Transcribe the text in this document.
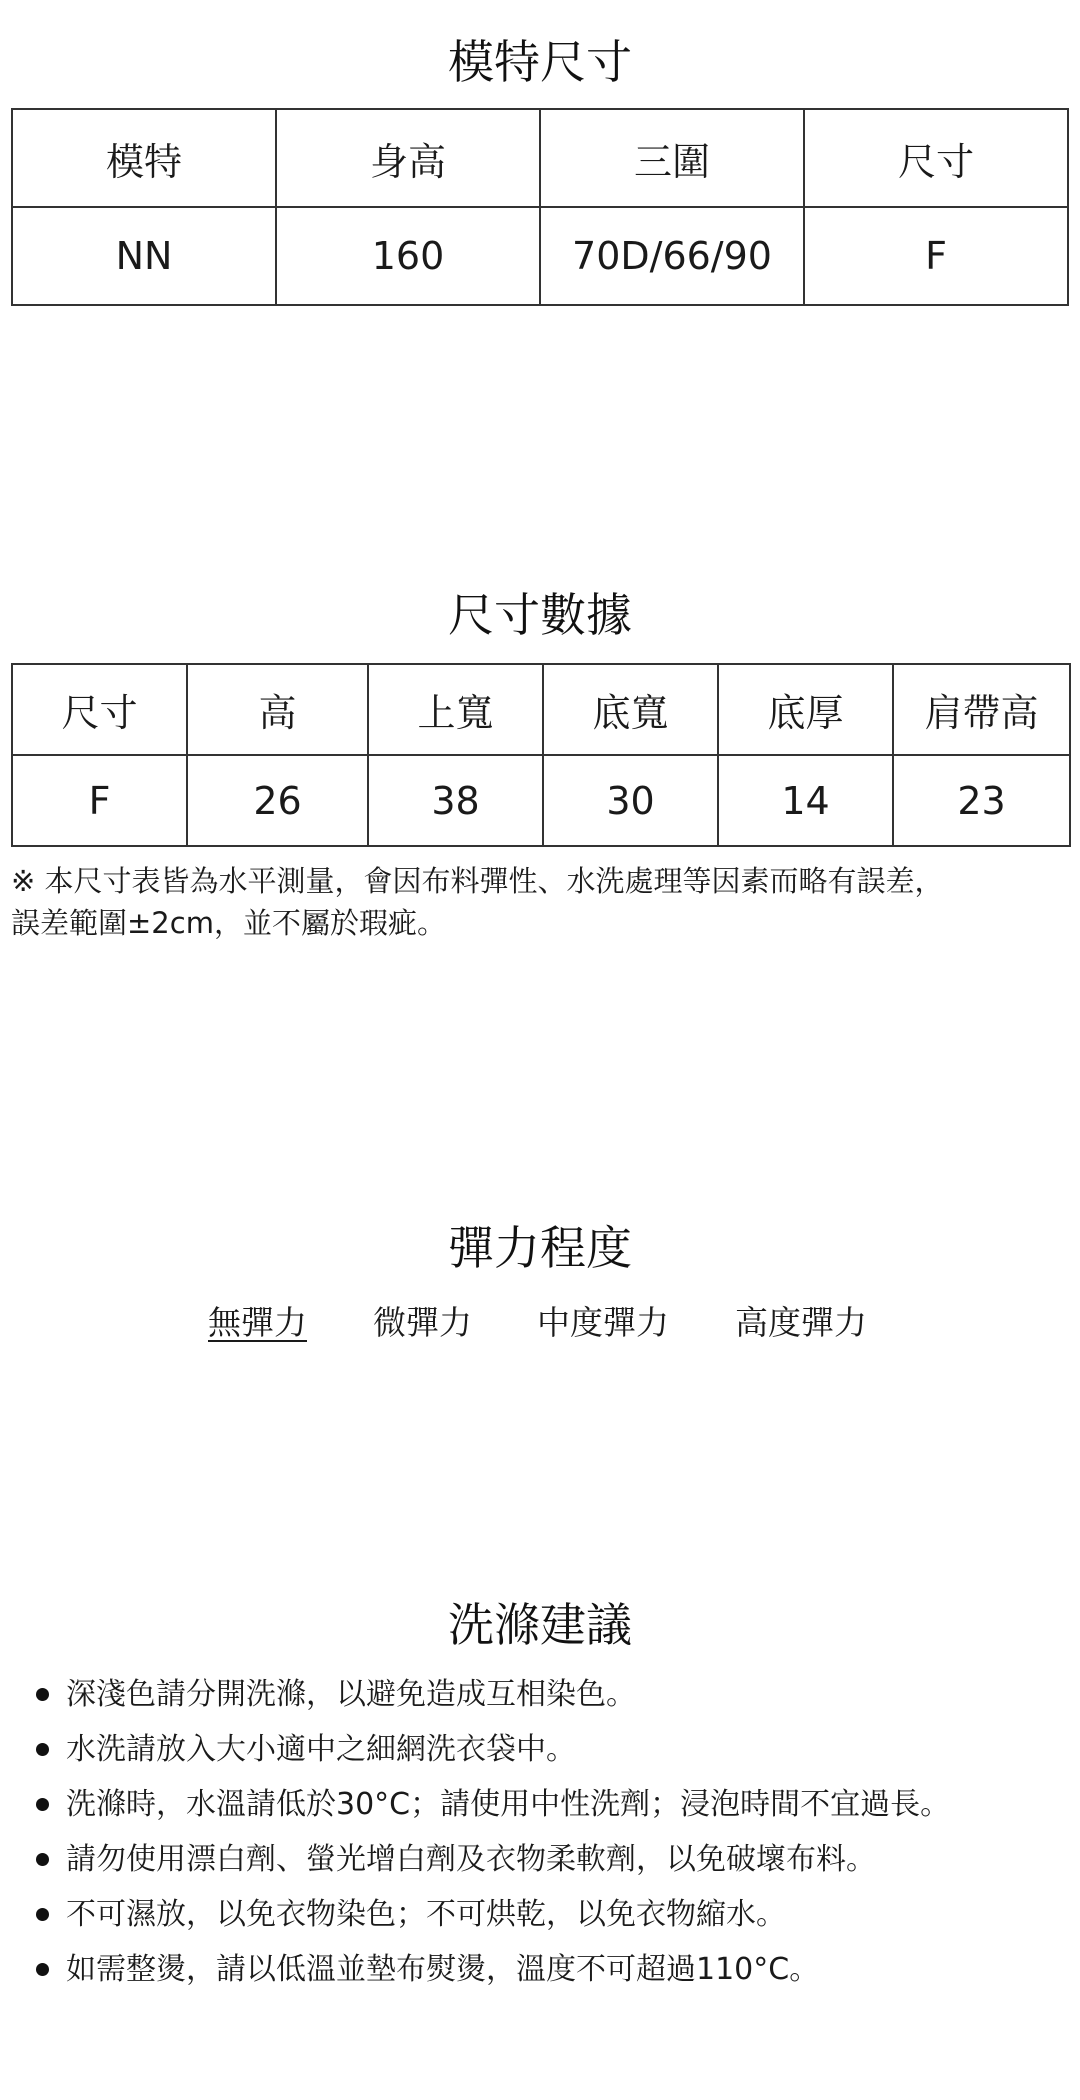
模特尺寸
模特	身高	三圍	尺寸
NN	160	70D/66/90	F
尺寸數據
尺寸	高	上寬	底寬	底厚	肩帶高
F	26	38	30	14	23
※ 本尺寸表皆為水平測量，會因布料彈性、水洗處理等因素而略有誤差，
誤差範圍±2cm，並不屬於瑕疵。
彈力程度
無彈力 微彈力 中度彈力 高度彈力
洗滌建議
深淺色請分開洗滌，以避免造成互相染色。
水洗請放入大小適中之細網洗衣袋中。
洗滌時，水溫請低於30°C；請使用中性洗劑；浸泡時間不宜過長。
請勿使用漂白劑、螢光增白劑及衣物柔軟劑，以免破壞布料。
不可濕放，以免衣物染色；不可烘乾，以免衣物縮水。
如需整燙，請以低溫並墊布熨燙，溫度不可超過110°C。
